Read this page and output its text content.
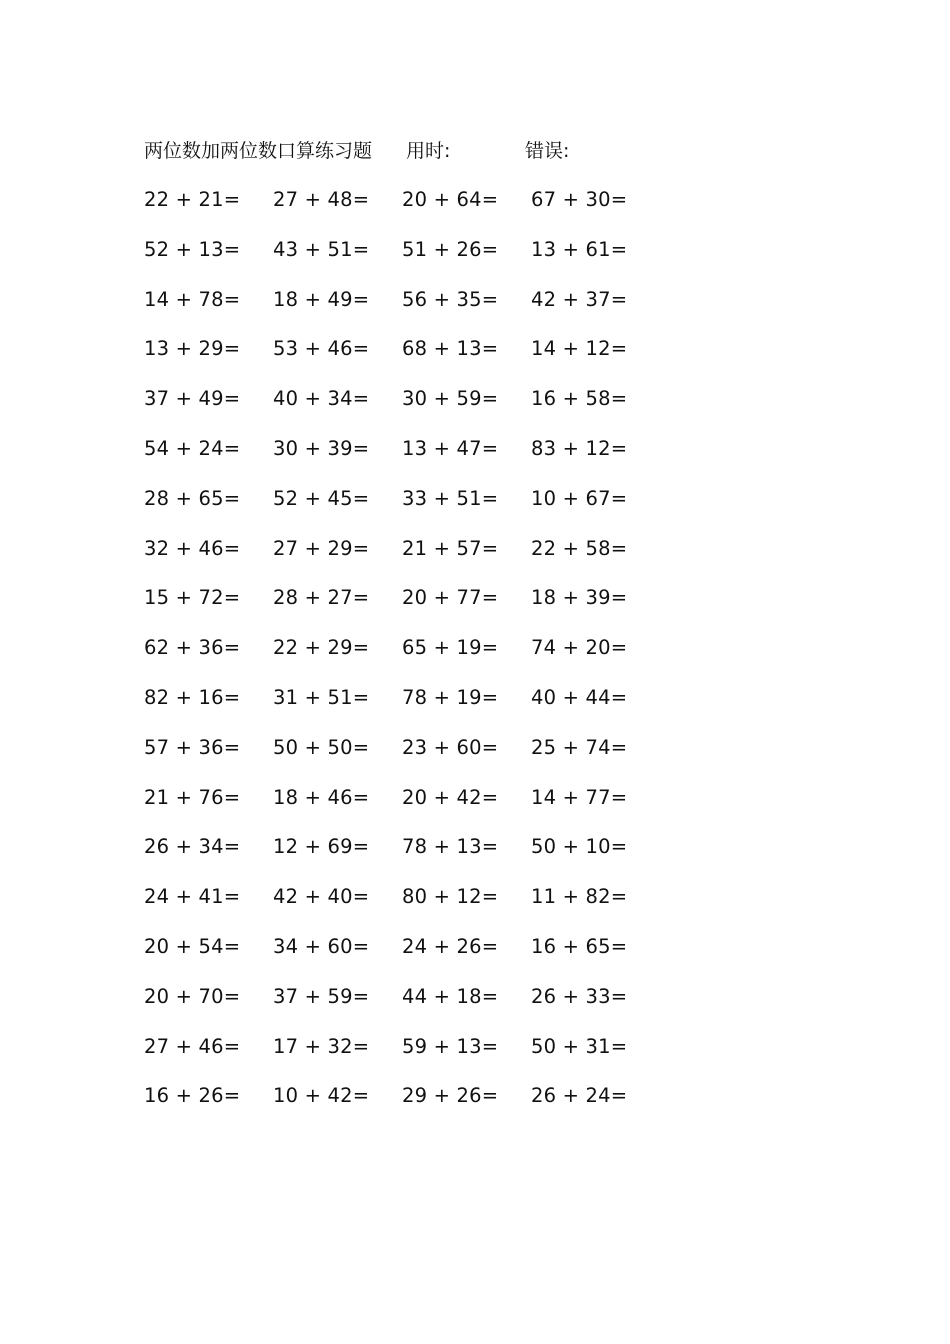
两位数加两位数口算练习题 用时:	错误:
22 + 21= 27 + 48= 20 + 64= 67 + 30=
52 + 13= 43 + 51= 51 + 26= 13 + 61=
14 + 78= 18 + 49= 56 + 35= 42 + 37=
13 + 29= 53 + 46= 68 + 13= 14 + 12=
37 + 49= 40 + 34= 30 + 59= 16 + 58=
54 + 24= 30 + 39= 13 + 47= 83 + 12=
28 + 65= 52 + 45= 33 + 51= 10 + 67=
32 + 46= 27 + 29= 21 + 57= 22 + 58=
15 + 72= 28 + 27= 20 + 77= 18 + 39=
62 + 36= 22 + 29= 65 + 19= 74 + 20=
82 + 16= 31 + 51= 78 + 19= 40 + 44=
57 + 36= 50 + 50= 23 + 60= 25 + 74=
21 + 76= 18 + 46= 20 + 42= 14 + 77=
26 + 34= 12 + 69= 78 + 13= 50 + 10=
24 + 41= 42 + 40= 80 + 12= 11 + 82=
20 + 54= 34 + 60= 24 + 26= 16 + 65=
20 + 70= 37 + 59= 44 + 18= 26 + 33=
27 + 46= 17 + 32= 59 + 13= 50 + 31=
16 + 26= 10 + 42= 29 + 26= 26 + 24=
